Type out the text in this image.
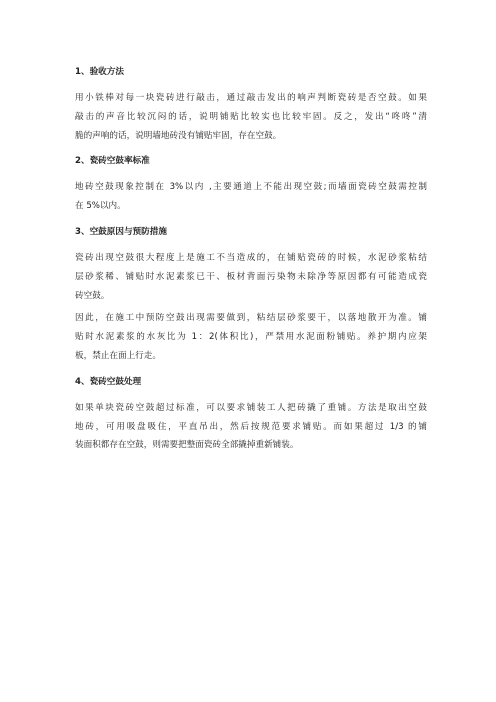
1、验收方法
用小铁棒对每一块瓷砖进行敲击，通过敲击发出的响声判断瓷砖是否空鼓。如果
敲击的声音比较沉闷的话，说明铺贴比较实也比较牢固。反之，发出“咚咚”清
脆的声响的话，说明墙地砖没有铺贴牢固，存在空鼓。
2、瓷砖空鼓率标准
地砖空鼓现象控制在 3%以内 ,主要通道上不能出现空鼓;而墙面瓷砖空鼓需控制
在 5%以内。
3、空鼓原因与预防措施
瓷砖出现空鼓很大程度上是施工不当造成的，在铺贴瓷砖的时候，水泥砂浆粘结
层砂浆稀、铺贴时水泥素浆已干、板材背面污染物未除净等原因都有可能造成瓷
砖空鼓。
因此，在施工中预防空鼓出现需要做到，粘结层砂浆要干，以落地散开为准。铺
贴时水泥素浆的水灰比为 1：2(体积比)，严禁用水泥面粉铺贴。养护期内应架
板，禁止在面上行走。
4、瓷砖空鼓处理
如果单块瓷砖空鼓超过标准，可以要求铺装工人把砖撬了重铺。方法是取出空鼓
地砖，可用吸盘吸住，平直吊出，然后按规范要求铺贴。而如果超过 1/3 的铺
装面积都存在空鼓，则需要把整面瓷砖全部撬掉重新铺装。
